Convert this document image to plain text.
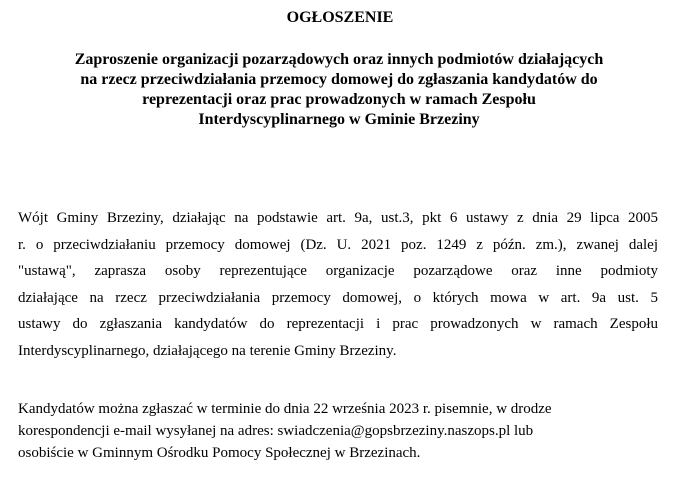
OGŁOSZENIE
Zaproszenie organizacji pozarządowych oraz innych podmiotów działających
na rzecz przeciwdziałania przemocy domowej do zgłaszania kandydatów do
reprezentacji oraz prac prowadzonych w ramach Zespołu
Interdyscyplinarnego w Gminie Brzeziny
Wójt Gminy Brzeziny, działając na podstawie art. 9a, ust.3, pkt 6 ustawy z dnia 29 lipca 2005
r. o przeciwdziałaniu przemocy domowej (Dz. U. 2021 poz. 1249 z późn. zm.), zwanej dalej
"ustawą", zaprasza osoby reprezentujące organizacje pozarządowe oraz inne podmioty
działające na rzecz przeciwdziałania przemocy domowej, o których mowa w art. 9a ust. 5
ustawy do zgłaszania kandydatów do reprezentacji i prac prowadzonych w ramach Zespołu
Interdyscyplinarnego, działającego na terenie Gminy Brzeziny.
Kandydatów można zgłaszać w terminie do dnia 22 września 2023 r. pisemnie, w drodze
korespondencji e-mail wysyłanej na adres: swiadczenia@gopsbrzeziny.naszops.pl lub
osobiście w Gminnym Ośrodku Pomocy Społecznej w Brzezinach.
